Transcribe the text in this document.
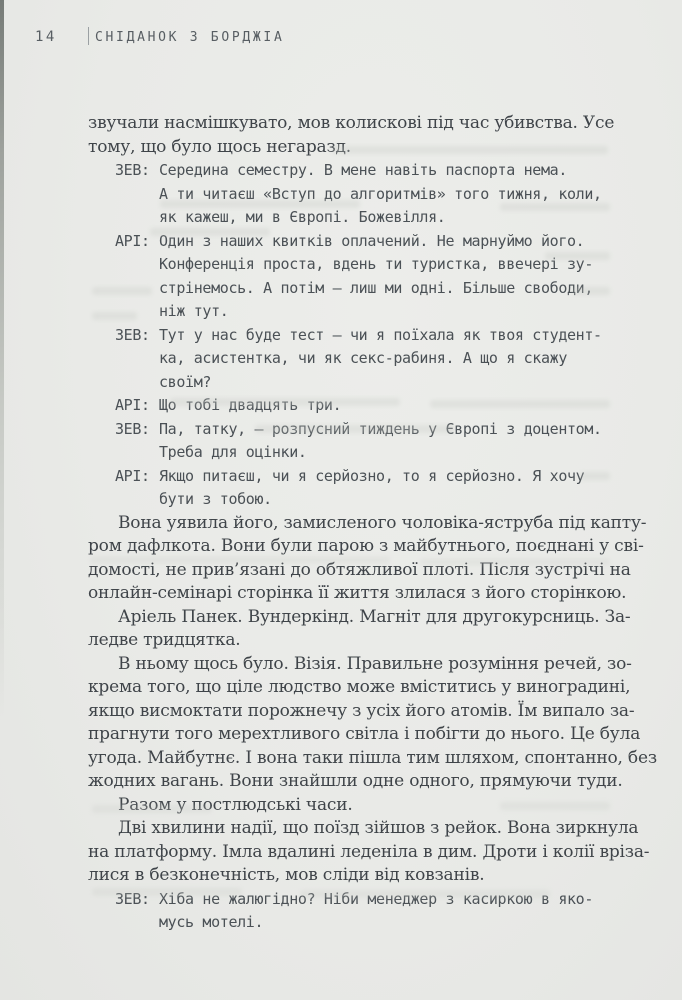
14	СНІДАНОК З БОРДЖІА
звучали насмішкувато, мов колискові під час убивства. Усе
тому, що було щось негаразд.
ЗЕВ: Середина семестру. В мене навіть паспорта нема.
А ти читаєш «Вступ до алгоритмів» того тижня, коли,
як кажеш, ми в Європі. Божевілля.
АРІ: Один з наших квитків оплачений. Не марнуймо його.
Конференція проста, вдень ти туристка, ввечері зу-
стрінемось. А потім — лиш ми одні. Більше свободи,
ніж тут.
ЗЕВ: Тут у нас буде тест — чи я поїхала як твоя студент-
ка, асистентка, чи як секс-рабиня. А що я скажу
своїм?
АРІ: Що тобі двадцять три.
ЗЕВ: Па, татку, — розпусний тиждень у Європі з доцентом.
Треба для оцінки.
АРІ: Якщо питаєш, чи я серйозно, то я серйозно. Я хочу
бути з тобою.
Вона уявила його, замисленого чоловіка-яструба під капту-
ром дафлкота. Вони були парою з майбутнього, поєднані у сві-
домості, не прив’язані до обтяжливої плоті. Після зустрічі на
онлайн-семінарі сторінка її життя злилася з його сторінкою.
Аріель Панек. Вундеркінд. Магніт для другокурсниць. За-
ледве тридцятка.
В ньому щось було. Візія. Правильне розуміння речей, зо-
крема того, що ціле людство може вміститись у виноградині,
якщо висмоктати порожнечу з усіх його атомів. Їм випало за-
прагнути того мерехтливого світла і побігти до нього. Це була
угода. Майбутнє. І вона таки пішла тим шляхом, спонтанно, без
жодних вагань. Вони знайшли одне одного, прямуючи туди.
Разом у постлюдські часи.
Дві хвилини надії, що поїзд зійшов з рейок. Вона зиркнула
на платформу. Імла вдалині леденіла в дим. Дроти і колії вріза-
лися в безконечність, мов сліди від ковзанів.
ЗЕВ: Хіба не жалюгідно? Ніби менеджер з касиркою в яко-
мусь мотелі.
